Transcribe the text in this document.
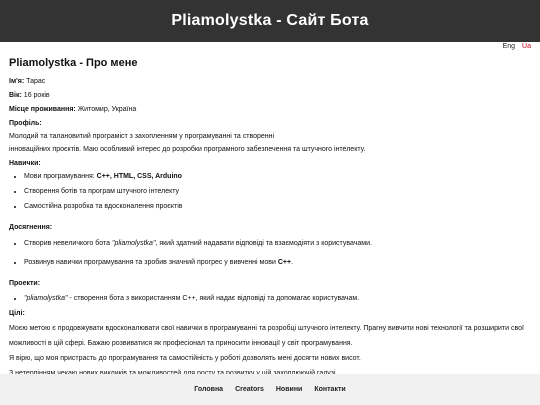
Pliamolystka - Сайт Бота
Eng Ua
Pliamolystka - Про мене
Ім'я: Тарас
Вік: 16 років
Місце проживання: Житомир, Україна
Профіль:
Молодий та талановитий програміст з захопленням у програмуванні та створенні
інноваційних проєктів. Маю особливий інтерес до розробки програмного забезпечення та штучного інтелекту.
Навички:
• Мови програмування: C++, HTML, CSS, Arduino
• Створення ботів та програм штучного інтелекту
• Самостійна розробка та вдосконалення проєктів
Досягнення:
• Створив невеличкого бота "pliamolystka", який здатний надавати відповіді та взаємодіяти з користувачами.
• Розвинув навички програмування та зробив значний прогрес у вивченні мови C++.
Проекти:
• "pliamolystka" - створення бота з використанням C++, який надає відповіді та допомагає користувачам.
Цілі:
Моєю метою є продовжувати вдосконалювати свої навички в програмуванні та розробці штучного інтелекту. Прагну вивчити нові технології та розширити свої
можливості в цій сфері. Бажаю розвиватися як професіонал та приносити інновації у світ програмування.
Я вірю, що моя пристрасть до програмування та самостійність у роботі дозволять мені досягти нових висот.
Головна Creators Новини Контакти
